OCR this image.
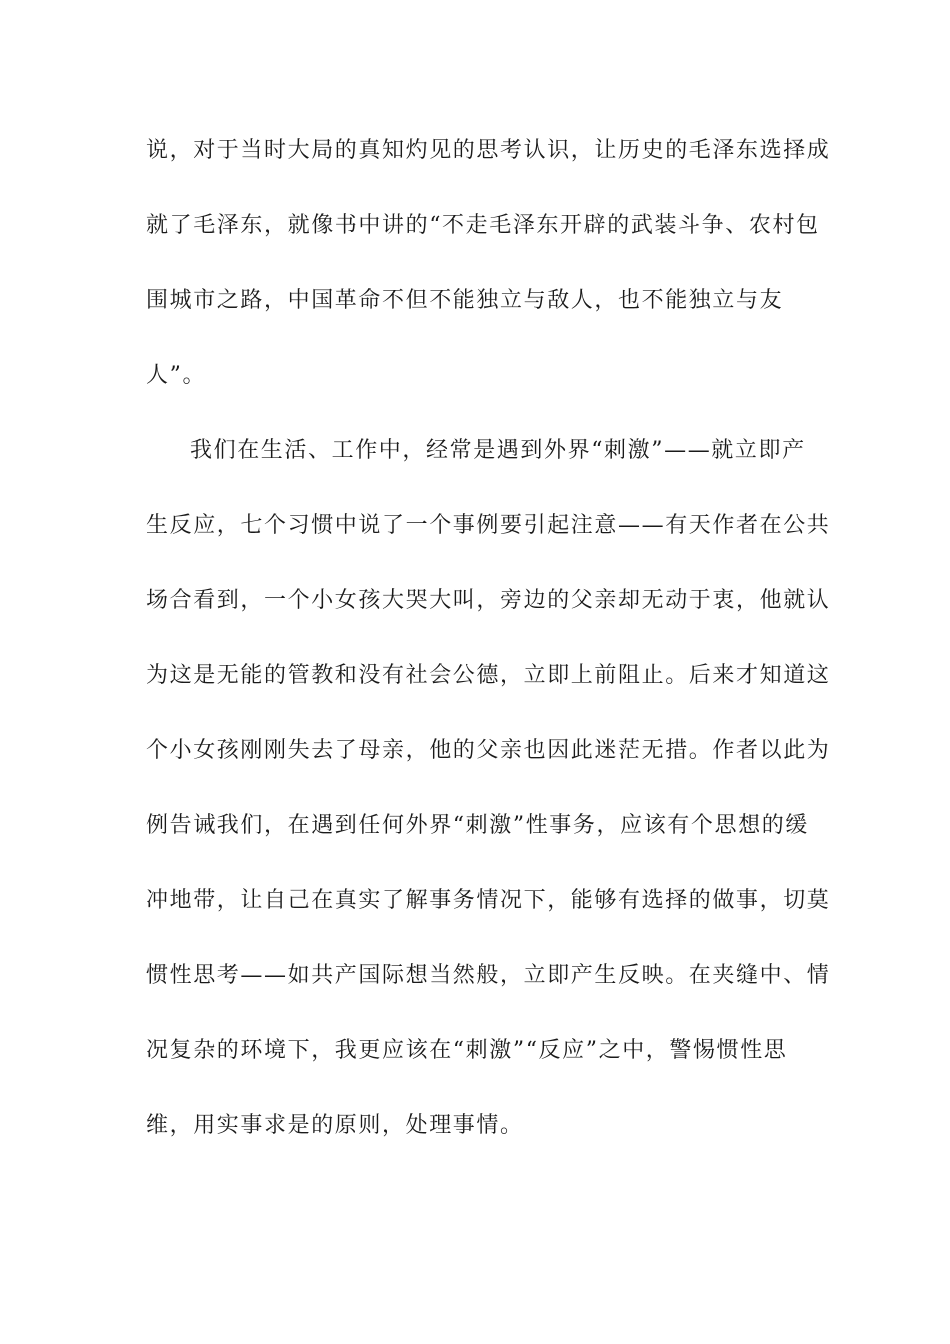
说，对于当时大局的真知灼见的思考认识，让历史的毛泽东选择成
就了毛泽东，就像书中讲的“不走毛泽东开辟的武装斗争、农村包
围城市之路，中国革命不但不能独立与敌人，也不能独立与友
人”。
我们在生活、工作中，经常是遇到外界“刺激”——就立即产
生反应，七个习惯中说了一个事例要引起注意——有天作者在公共
场合看到，一个小女孩大哭大叫，旁边的父亲却无动于衷，他就认
为这是无能的管教和没有社会公德，立即上前阻止。后来才知道这
个小女孩刚刚失去了母亲，他的父亲也因此迷茫无措。作者以此为
例告诫我们，在遇到任何外界“刺激”性事务，应该有个思想的缓
冲地带，让自己在真实了解事务情况下，能够有选择的做事，切莫
惯性思考——如共产国际想当然般，立即产生反映。在夹缝中、情
况复杂的环境下，我更应该在“刺激”“反应”之中，警惕惯性思
维，用实事求是的原则，处理事情。
